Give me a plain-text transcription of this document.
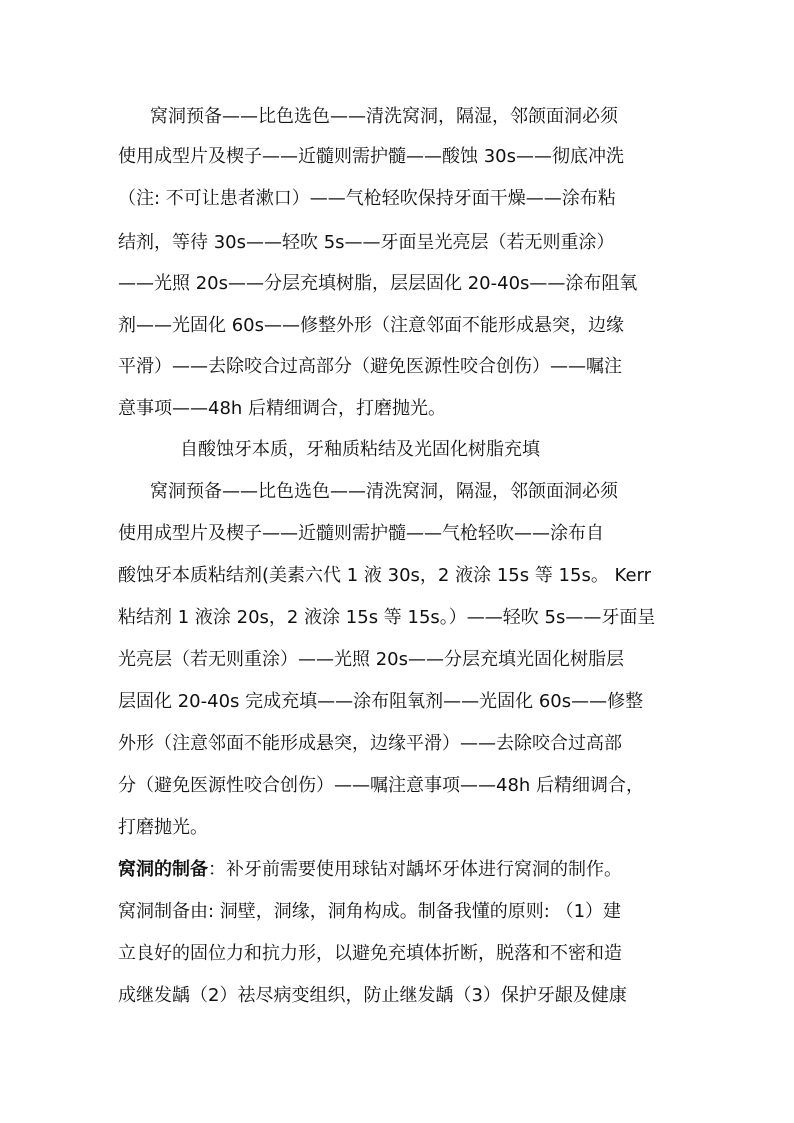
窝洞预备——比色选色——清洗窝洞，隔湿，邻颌面洞必须
使用成型片及楔子——近髓则需护髓——酸蚀 30s——彻底冲洗
（注: 不可让患者漱口）——气枪轻吹保持牙面干燥——涂布粘
结剂，等待 30s——轻吹 5s——牙面呈光亮层（若无则重涂）
——光照 20s——分层充填树脂，层层固化 20-40s——涂布阻氧
剂——光固化 60s——修整外形（注意邻面不能形成悬突，边缘
平滑）——去除咬合过高部分（避免医源性咬合创伤）——嘱注
意事项——48h 后精细调合，打磨抛光。
自酸蚀牙本质，牙釉质粘结及光固化树脂充填
窝洞预备——比色选色——清洗窝洞，隔湿，邻颌面洞必须
使用成型片及楔子——近髓则需护髓——气枪轻吹——涂布自
酸蚀牙本质粘结剂(美素六代 1 液 30s，2 液涂 15s 等 15s。 Kerr
粘结剂 1 液涂 20s，2 液涂 15s 等 15s。）——轻吹 5s——牙面呈
光亮层（若无则重涂）——光照 20s——分层充填光固化树脂层
层固化 20-40s 完成充填——涂布阻氧剂——光固化 60s——修整
外形（注意邻面不能形成悬突，边缘平滑）——去除咬合过高部
分（避免医源性咬合创伤）——嘱注意事项——48h 后精细调合，
打磨抛光。
窝洞的制备：补牙前需要使用球钻对龋坏牙体进行窝洞的制作。
窝洞制备由: 洞壁，洞缘，洞角构成。制备我懂的原则: （1）建
立良好的固位力和抗力形，以避免充填体折断，脱落和不密和造
成继发龋（2）祛尽病变组织，防止继发龋（3）保护牙龈及健康
